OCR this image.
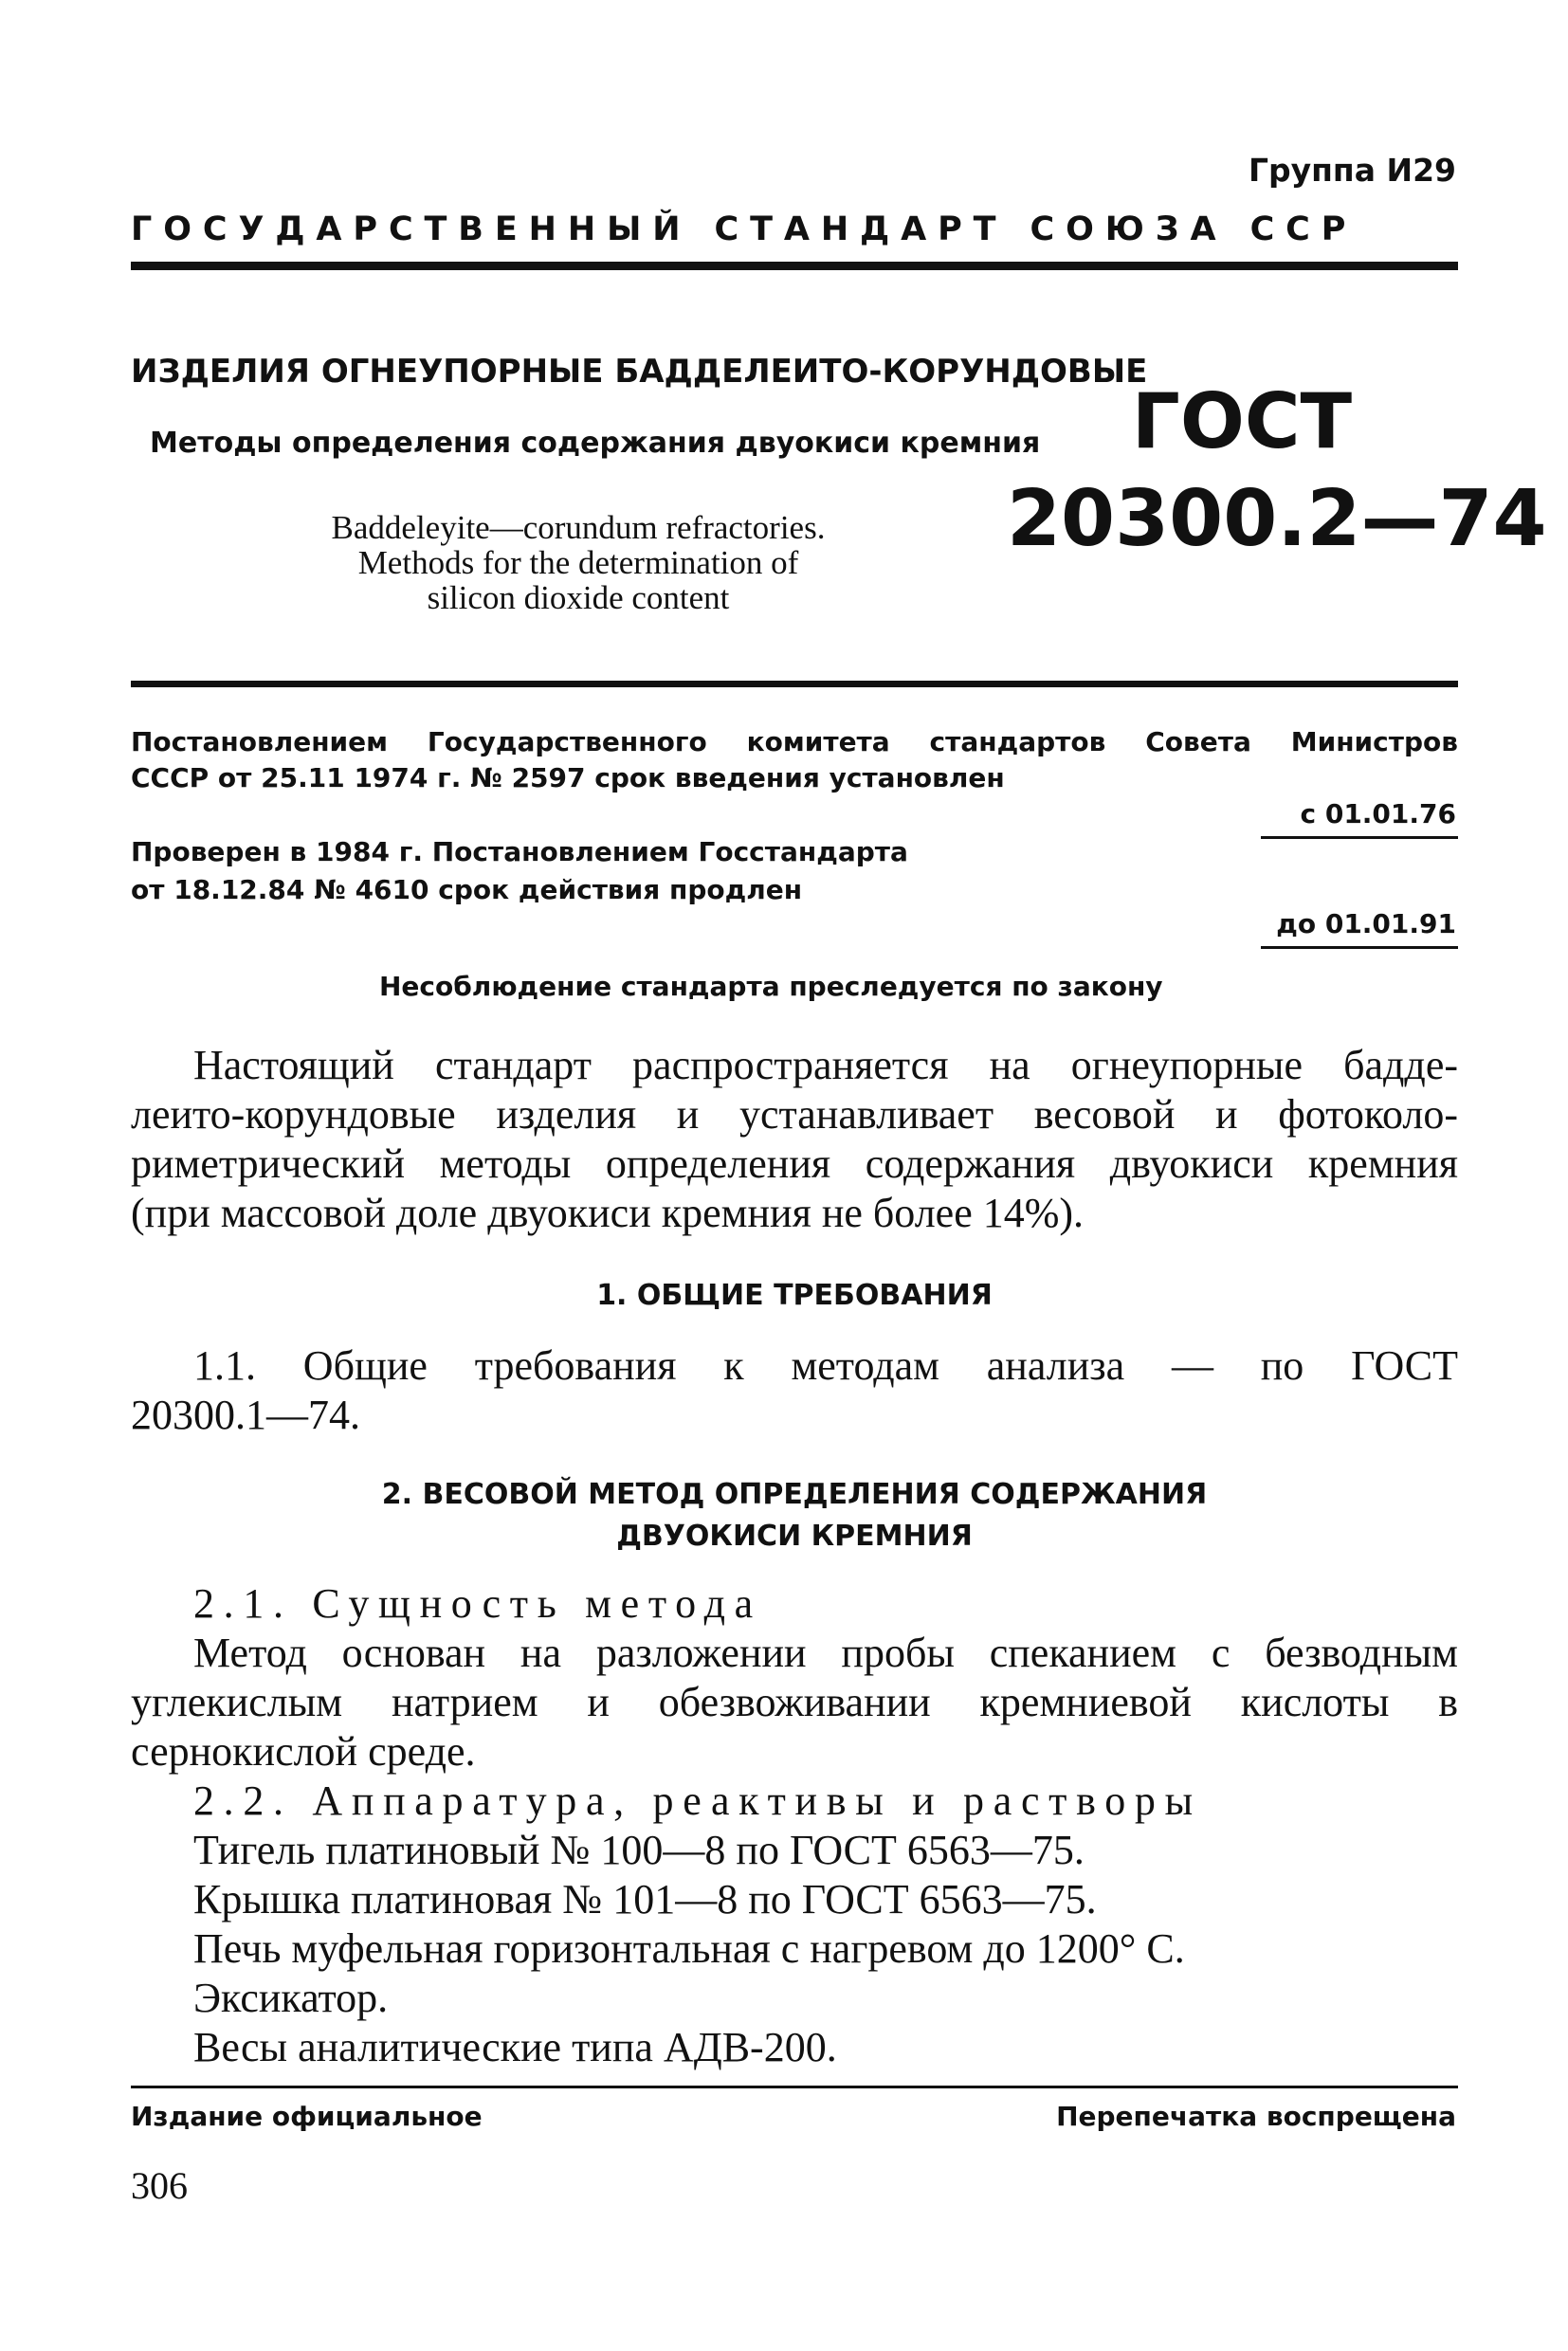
Группа И29
ГОСУДАРСТВЕННЫЙ СТАНДАРТ СОЮЗА ССР
ИЗДЕЛИЯ ОГНЕУПОРНЫЕ БАДДЕЛЕИТО-КОРУНДОВЫЕ
Методы определения содержания двуокиси кремния
Baddeleyite—corundum refractories.
Methods for the determination of
silicon dioxide content
ГОСТ
20300.2—74
Постановлением Государственного комитета стандартов Совета Министров
СССР от 25.11 1974 г. № 2597 срок введения установлен
с 01.01.76
Проверен в 1984 г. Постановлением Госстандарта
от 18.12.84 № 4610 срок действия продлен
до 01.01.91
Несоблюдение стандарта преследуется по закону
Настоящий стандарт распространяется на огнеупорные бадде-
леито-корундовые изделия и устанавливает весовой и фотоколо-
риметрический методы определения содержания двуокиси кремния
(при массовой доле двуокиси кремния не более 14%).
1. ОБЩИЕ ТРЕБОВАНИЯ
1.1. Общие требования к методам анализа — по ГОСТ
20300.1—74.
2. ВЕСОВОЙ МЕТОД ОПРЕДЕЛЕНИЯ СОДЕРЖАНИЯ
ДВУОКИСИ КРЕМНИЯ
2.1. Сущность метода
Метод основан на разложении пробы спеканием с безводным
углекислым натрием и обезвоживании кремниевой кислоты в
сернокислой среде.
2.2. Аппаратура, реактивы и растворы
Тигель платиновый № 100—8 по ГОСТ 6563—75.
Крышка платиновая № 101—8 по ГОСТ 6563—75.
Печь муфельная горизонтальная с нагревом до 1200° С.
Эксикатор.
Весы аналитические типа АДВ-200.
Издание официальное	Перепечатка воспрещена
306
